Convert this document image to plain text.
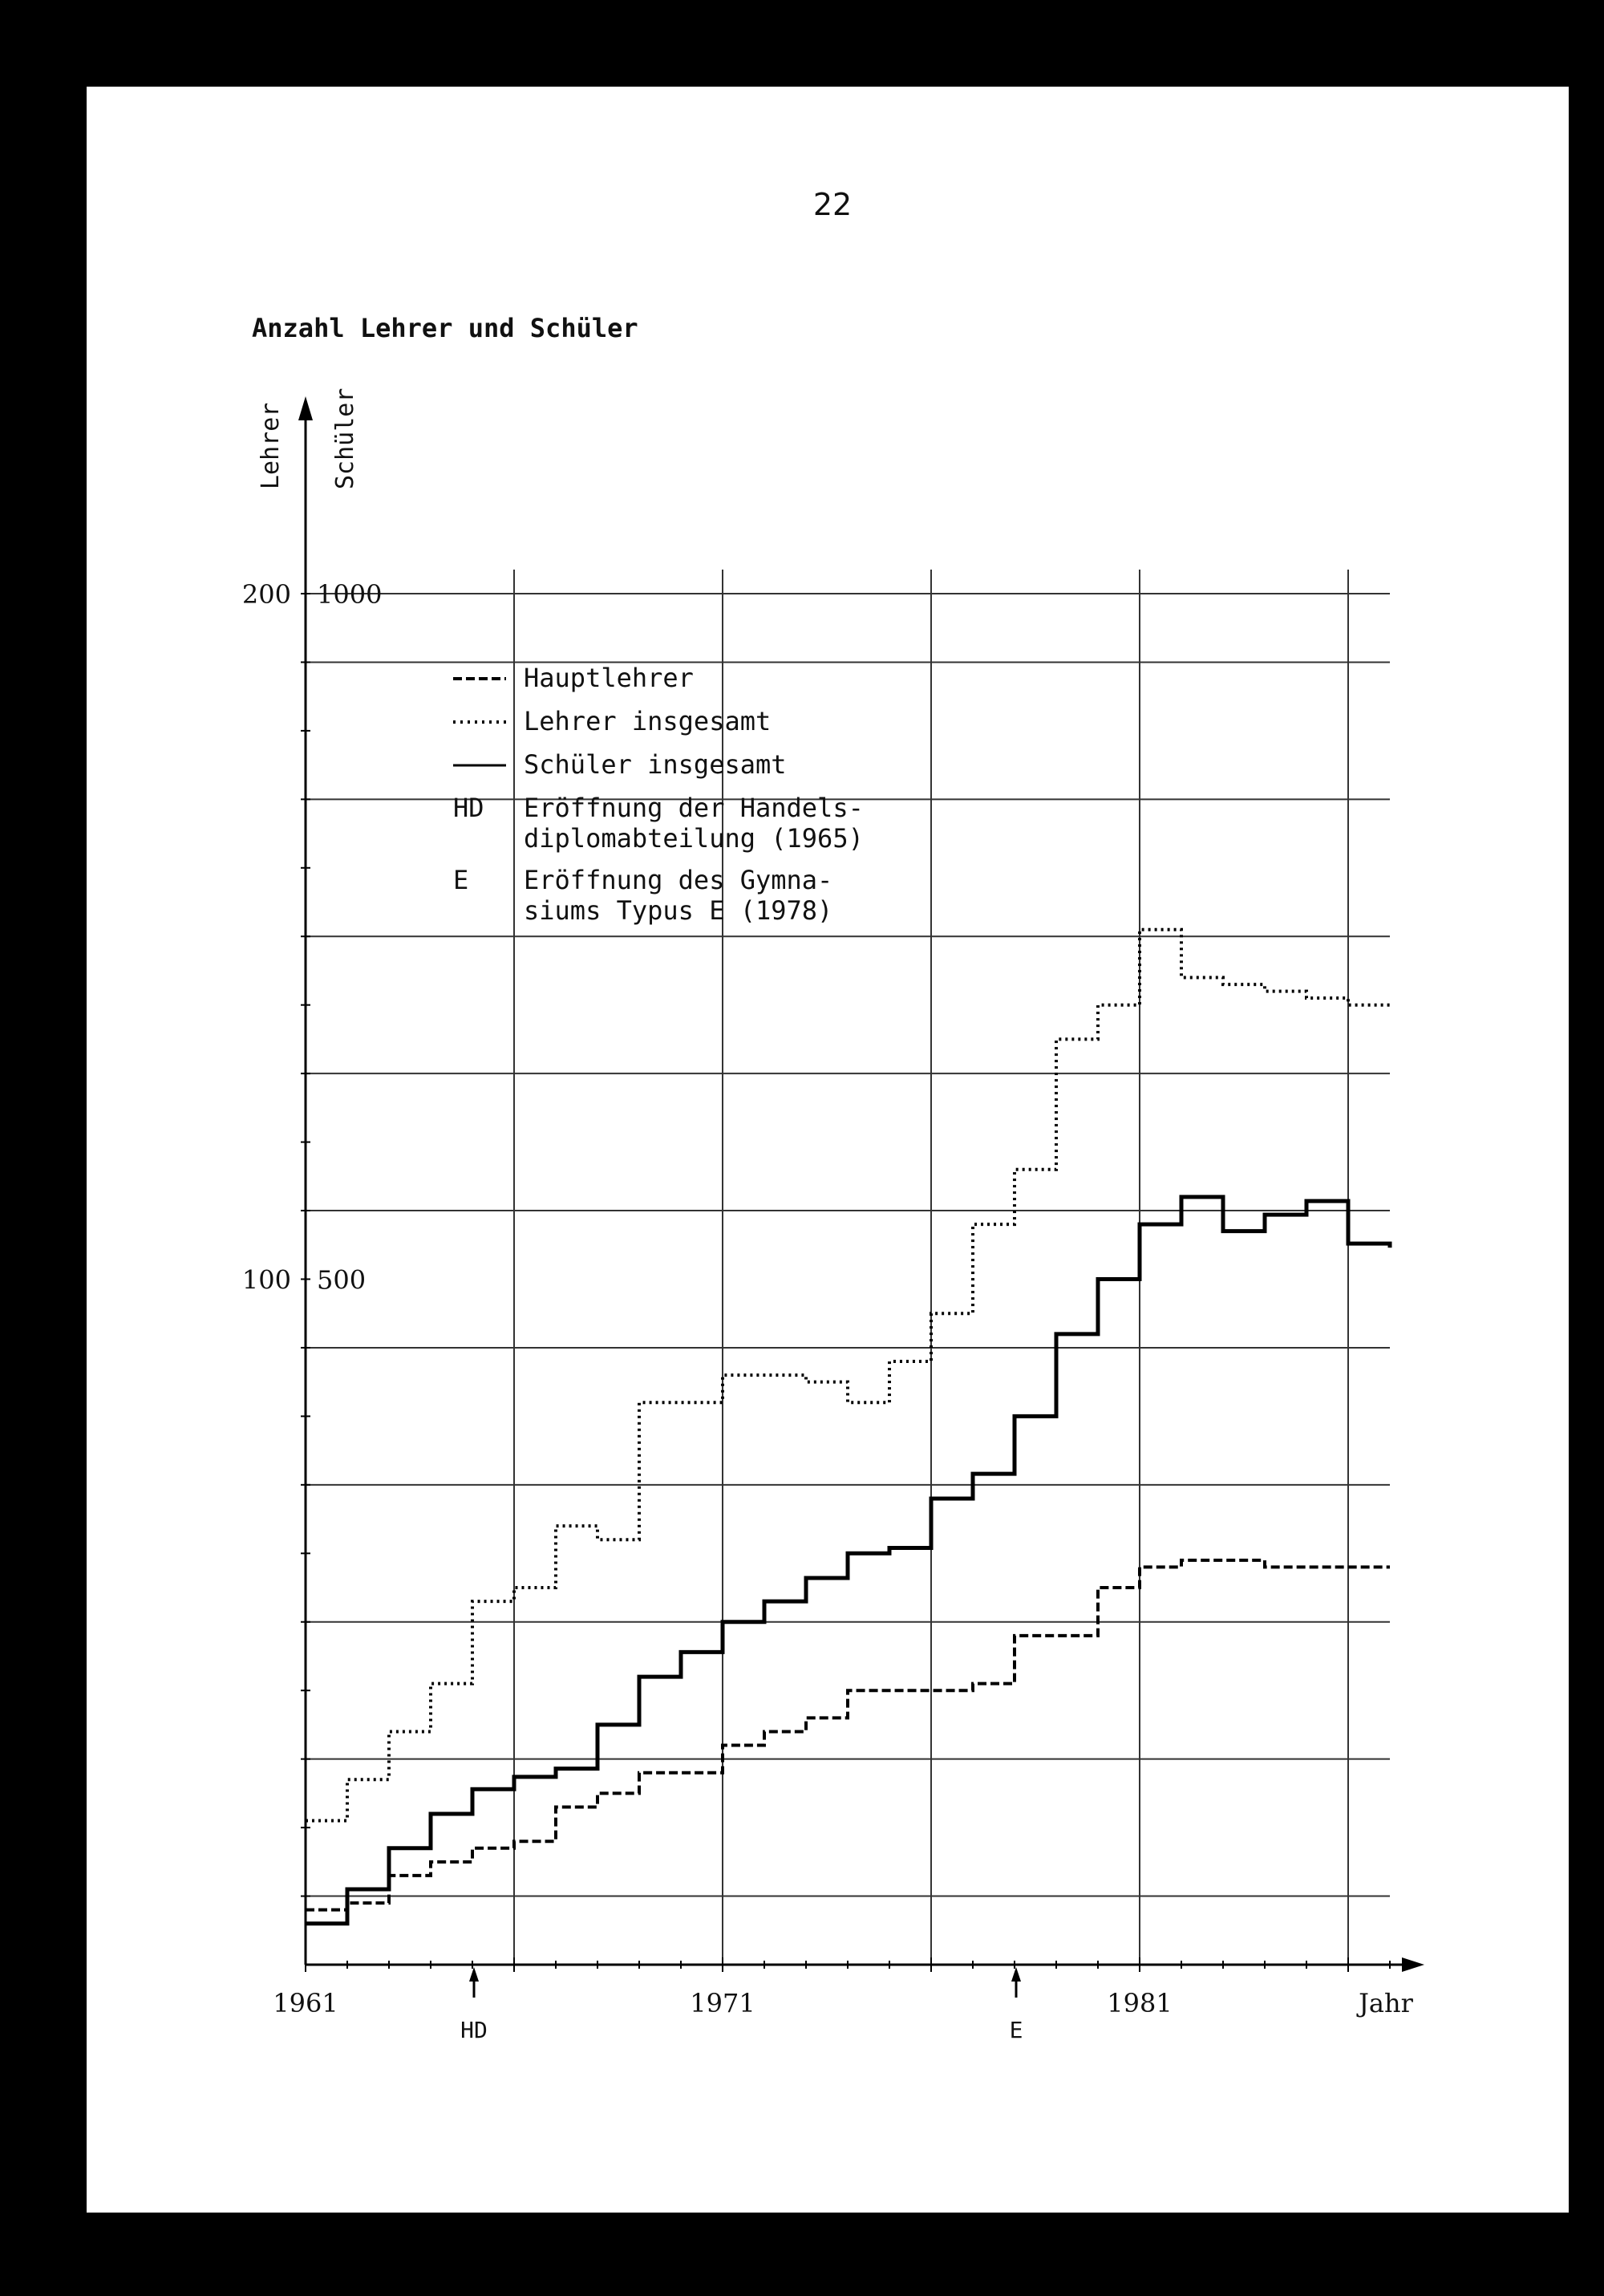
22
Anzahl Lehrer und Schüler
Lehrer Schüler
200 1000
100 500
1961	1971	1981	Jahr
HD	E
Hauptlehrer
Lehrer insgesamt
Schüler insgesamt
HD Eröffnung der Handels-
diplomabteilung (1965)
E Eröffnung des Gymna-
siums Typus E (1978)
